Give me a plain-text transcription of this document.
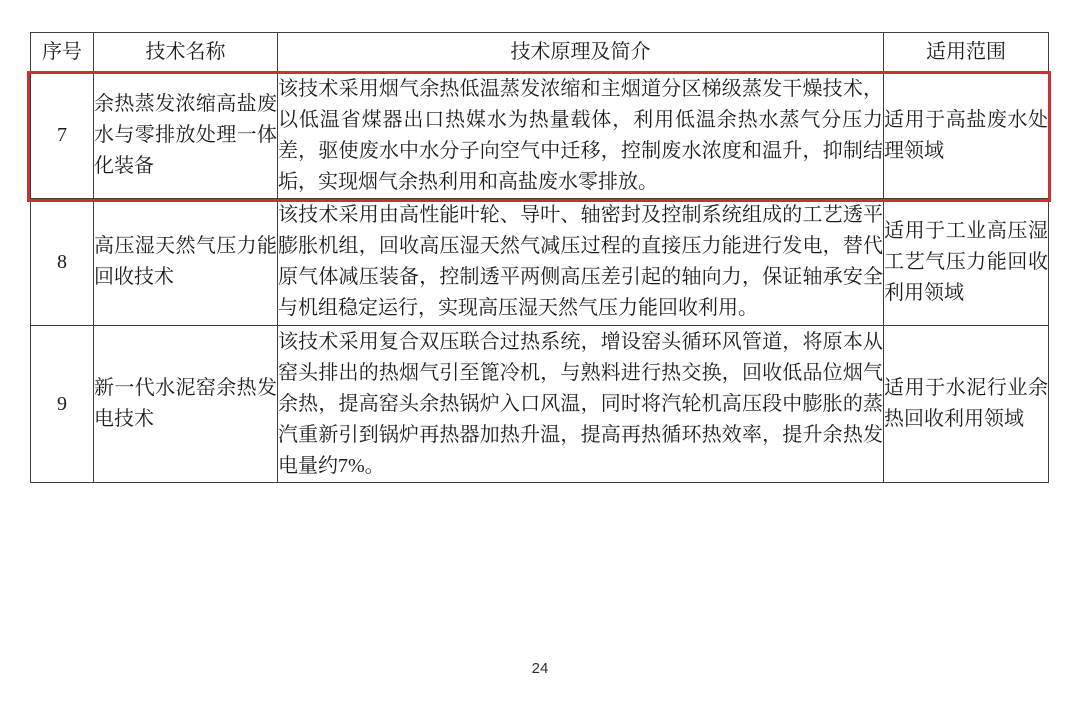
序号	技术名称	技术原理及简介	适用范围
7	余热蒸发浓缩高盐废水与零排放处理一体化装备	该技术采用烟气余热低温蒸发浓缩和主烟道分区梯级蒸发干燥技术，以低温省煤器出口热媒水为热量载体，利用低温余热水蒸气分压力差，驱使废水中水分子向空气中迁移，控制废水浓度和温升，抑制结垢，实现烟气余热利用和高盐废水零排放。	适用于高盐废水处理领域
8	高压湿天然气压力能回收技术	该技术采用由高性能叶轮、导叶、轴密封及控制系统组成的工艺透平膨胀机组，回收高压湿天然气减压过程的直接压力能进行发电，替代原气体减压装备，控制透平两侧高压差引起的轴向力，保证轴承安全与机组稳定运行，实现高压湿天然气压力能回收利用。	适用于工业高压湿工艺气压力能回收利用领域
9	新一代水泥窑余热发电技术	该技术采用复合双压联合过热系统，增设窑头循环风管道，将原本从窑头排出的热烟气引至篦冷机，与熟料进行热交换，回收低品位烟气余热，提高窑头余热锅炉入口风温，同时将汽轮机高压段中膨胀的蒸汽重新引到锅炉再热器加热升温，提高再热循环热效率，提升余热发电量约7%。	适用于水泥行业余热回收利用领域
24
